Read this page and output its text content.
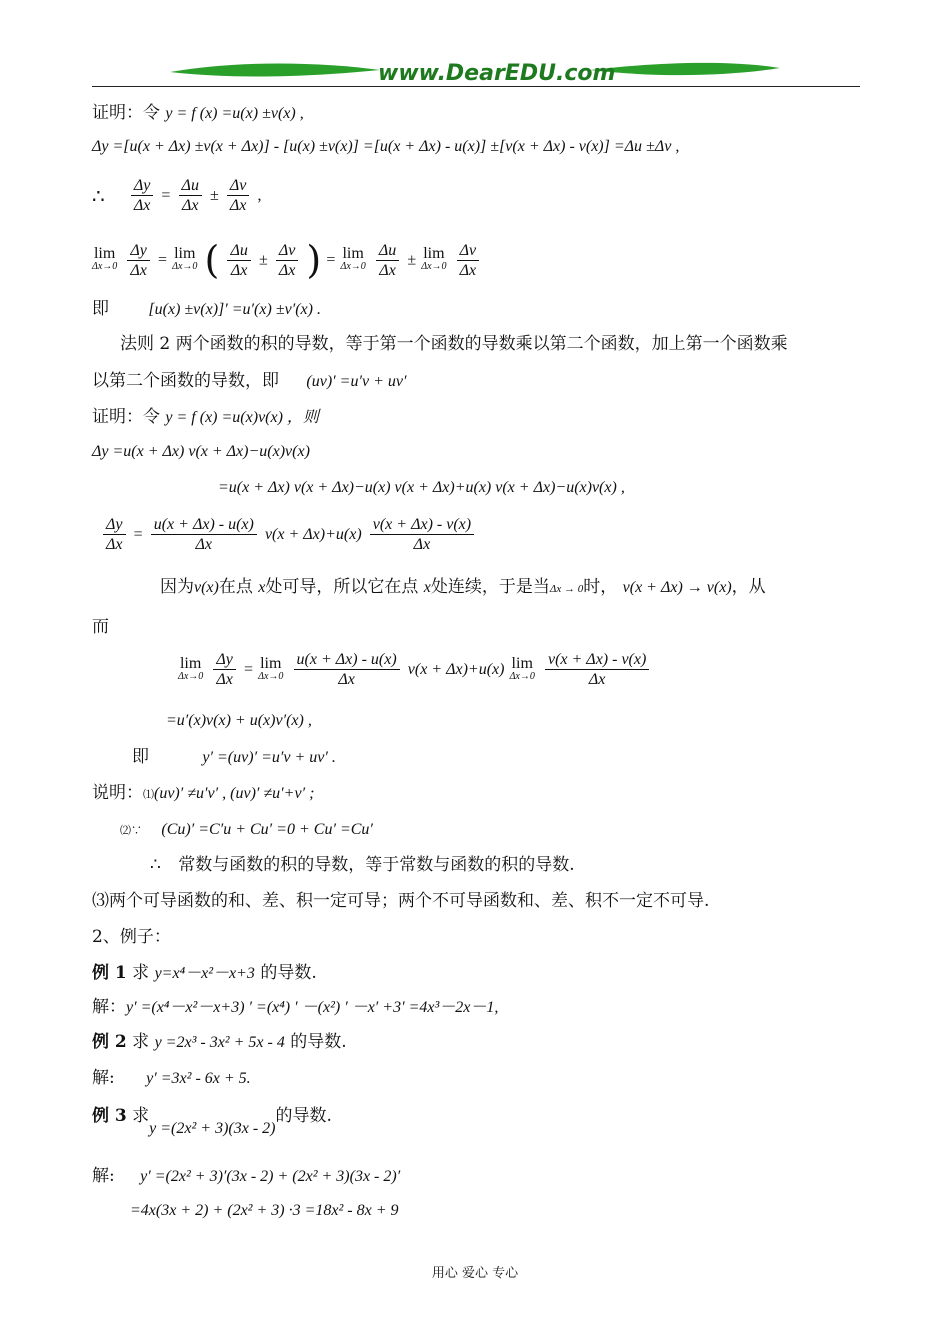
www.DearEDU.com
证明：令 y = f (x) =u(x) ±v(x) ,
Δy =[u(x + Δx) ±v(x + Δx)] - [u(x) ±v(x)] =[u(x + Δx) - u(x)] ±[v(x + Δx) - v(x)] =Δu ±Δv ,
∴ $\frac{\Delta y}{\Delta x} = \frac{\Delta u}{\Delta x} \pm \frac{\Delta v}{\Delta x}$ ,
lim
Δx→0
$\frac{\Delta y}{\Delta x} = \lim$
Δx→0 ( $\frac{\Delta u}{\Delta x} \pm \frac{\Delta v}{\Delta x}$ ) = lim
Δx→0
$\frac{\Delta u}{\Delta x} \pm \lim$
Δx→0
$\frac{\Delta v}{\Delta x}$
即 [u(x) ±v(x)]′ =u′(x) ±v′(x) .
法则 2 两个函数的积的导数，等于第一个函数的导数乘以第二个函数，加上第一个函数乘
以第二个函数的导数，即 (uv)′ =u′v + uv′
证明：令 y = f (x) =u(x)v(x) ，则
Δy =u(x + Δx) v(x + Δx)−u(x)v(x)
=u(x + Δx) v(x + Δx)−u(x) v(x + Δx)+u(x) v(x + Δx)−u(x)v(x) ,
$\frac{\Delta y}{\Delta x} = \frac{u(x + \Delta x) - u(x)}{\Delta x} v(x + \Delta x)+u(x) \frac{v(x + \Delta x) - v(x)}{\Delta x}$
因为v(x)在点 x处可导，所以它在点 x处连续，于是当Δx → 0时， v(x + Δx) → v(x)，从
而
lim
Δx→0
$\frac{\Delta y}{\Delta x} = \lim$
Δx→0
$\frac{u(x + \Delta x) - u(x)}{\Delta x} v(x + \Delta x)+u(x)$ lim
Δx→0
$\frac{v(x + \Delta x) - v(x)}{\Delta x}$
=u′(x)v(x) + u(x)v′(x) ,
即	y′ =(uv)′ =u′v + uv′ .
说明：⑴(uv)′ ≠u′v′ , (uv)′ ≠u′+v′ ;
⑵∵ (Cu)′ =C′u + Cu′ =0 + Cu′ =Cu′
∴ 常数与函数的积的导数，等于常数与函数的积的导数.
⑶两个可导函数的和、差、积一定可导；两个不可导函数和、差、积不一定不可导.
2、例子：
例 1 求 y=x⁴－x²－x+3 的导数.
解：y′ =(x⁴－x²－x+3) ′ =(x⁴) ′ －(x²) ′ －x′ +3′ =4x³－2x－1,
例 2 求 y =2x³ - 3x² + 5x - 4 的导数.
解: y′ =3x² - 6x + 5.
例 3 求y =(2x² + 3)(3x - 2)的导数.
解: y′ =(2x² + 3)′(3x - 2) + (2x² + 3)(3x - 2)′
=4x(3x + 2) + (2x² + 3) ·3 =18x² - 8x + 9
用心 爱心 专心
